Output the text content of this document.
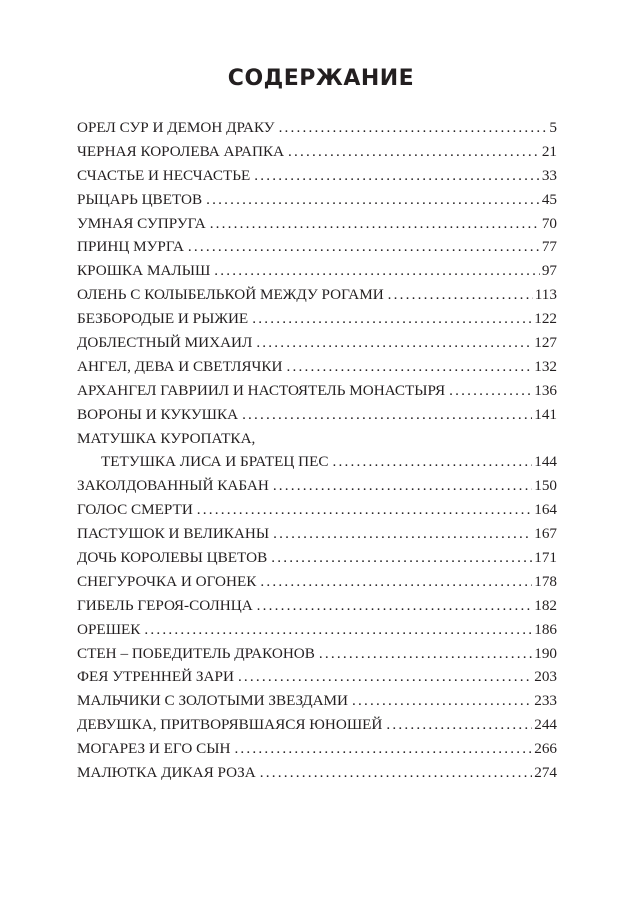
СОДЕРЖАНИЕ
ОРЕЛ СУР И ДЕМОН ДРАКУ .....	5
ЧЕРНАЯ КОРОЛЕВА АРАПКА .....	21
СЧАСТЬЕ И НЕСЧАСТЬЕ .....	33
РЫЦАРЬ ЦВЕТОВ .....	45
УМНАЯ СУПРУГА .....	70
ПРИНЦ МУРГА .....	77
КРОШКА МАЛЫШ .....	97
ОЛЕНЬ С КОЛЫБЕЛЬКОЙ МЕЖДУ РОГАМИ .....	113
БЕЗБОРОДЫЕ И РЫЖИЕ .....	122
ДОБЛЕСТНЫЙ МИХАИЛ .....	127
АНГЕЛ, ДЕВА И СВЕТЛЯЧКИ .....	132
АРХАНГЕЛ ГАВРИИЛ И НАСТОЯТЕЛЬ МОНАСТЫРЯ .....	136
ВОРОНЫ И КУКУШКА .....	141
МАТУШКА КУРОПАТКА,
ТЕТУШКА ЛИСА И БРАТЕЦ ПЕС .....	144
ЗАКОЛДОВАННЫЙ КАБАН .....	150
ГОЛОС СМЕРТИ .....	164
ПАСТУШОК И ВЕЛИКАНЫ .....	167
ДОЧЬ КОРОЛЕВЫ ЦВЕТОВ .....	171
СНЕГУРОЧКА И ОГОНЕК .....	178
ГИБЕЛЬ ГЕРОЯ-СОЛНЦА .....	182
ОРЕШЕК .....	186
СТЕН – ПОБЕДИТЕЛЬ ДРАКОНОВ .....	190
ФЕЯ УТРЕННЕЙ ЗАРИ .....	203
МАЛЬЧИКИ С ЗОЛОТЫМИ ЗВЕЗДАМИ .....	233
ДЕВУШКА, ПРИТВОРЯВШАЯСЯ ЮНОШЕЙ .....	244
МОГАРЕЗ И ЕГО СЫН .....	266
МАЛЮТКА ДИКАЯ РОЗА .....	274
